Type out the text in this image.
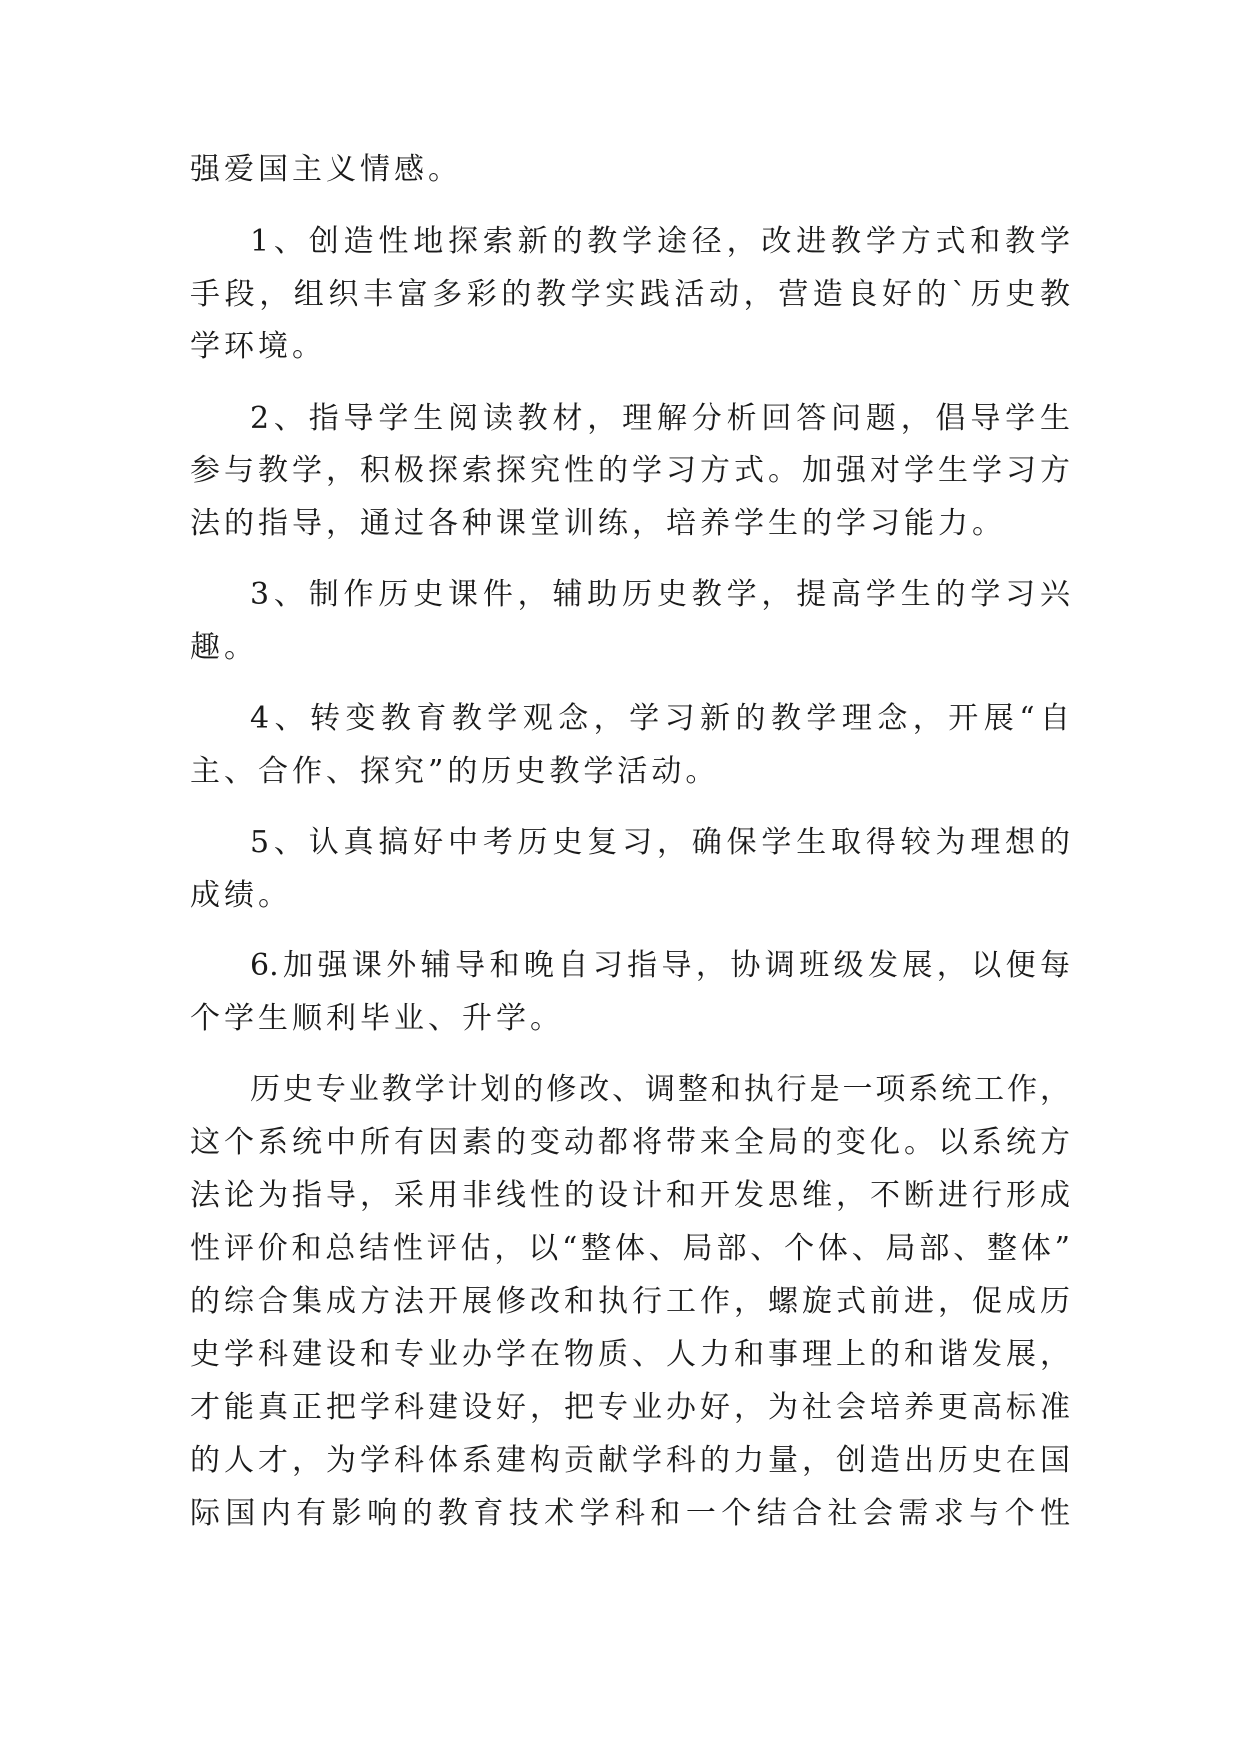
强爱国主义情感。
1、创造性地探索新的教学途径，改进教学方式和教学
手段，组织丰富多彩的教学实践活动，营造良好的`历史教
学环境。
2、指导学生阅读教材，理解分析回答问题，倡导学生
参与教学，积极探索探究性的学习方式。加强对学生学习方
法的指导，通过各种课堂训练，培养学生的学习能力。
3、制作历史课件，辅助历史教学，提高学生的学习兴
趣。
4、转变教育教学观念，学习新的教学理念，开展“自
主、合作、探究”的历史教学活动。
5、认真搞好中考历史复习，确保学生取得较为理想的
成绩。
6.加强课外辅导和晚自习指导，协调班级发展，以便每
个学生顺利毕业、升学。
历史专业教学计划的修改、调整和执行是一项系统工作，
这个系统中所有因素的变动都将带来全局的变化。以系统方
法论为指导，采用非线性的设计和开发思维，不断进行形成
性评价和总结性评估，以“整体、局部、个体、局部、整体”
的综合集成方法开展修改和执行工作，螺旋式前进，促成历
史学科建设和专业办学在物质、人力和事理上的和谐发展，
才能真正把学科建设好，把专业办好，为社会培养更高标准
的人才，为学科体系建构贡献学科的力量，创造出历史在国
际国内有影响的教育技术学科和一个结合社会需求与个性
